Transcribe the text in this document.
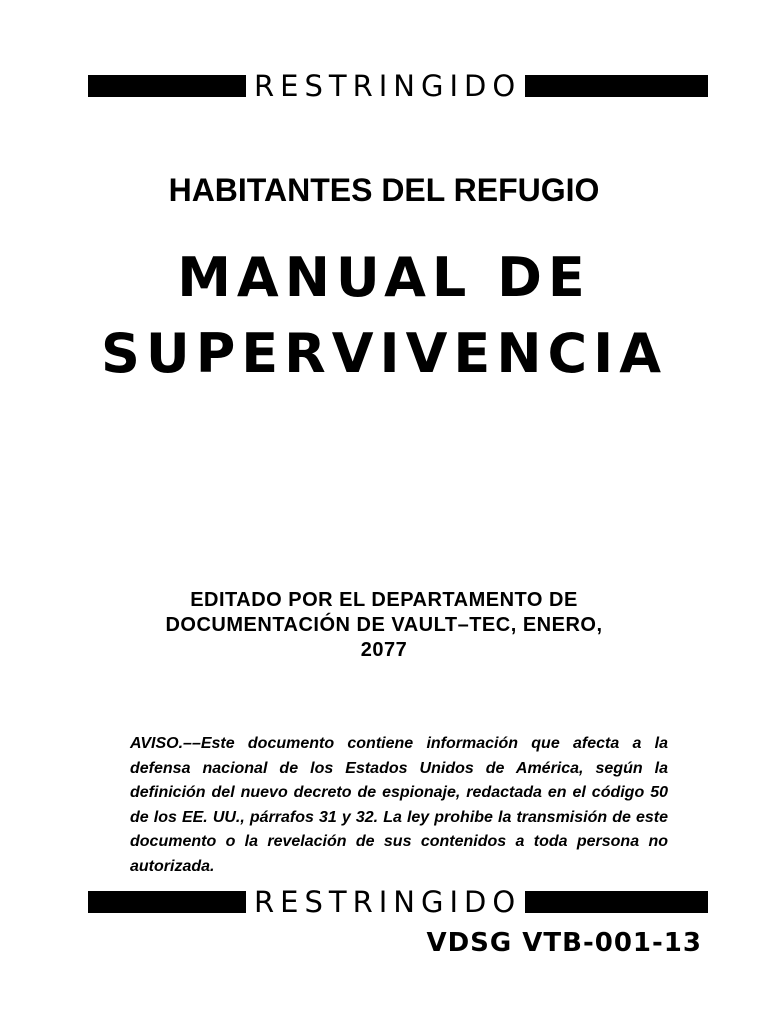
RESTRINGIDO
HABITANTES DEL REFUGIO
MANUAL DE
SUPERVIVENCIA
EDITADO POR EL DEPARTAMENTO DE
DOCUMENTACIÓN DE VAULT–TEC, ENERO,
2077
AVISO.––Este documento contiene información que afecta a la defensa nacional de los Estados Unidos de América, según la definición del nuevo decreto de espionaje, redactada en el código 50 de los EE. UU., párrafos 31 y 32. La ley prohibe la transmisión de este documento o la revelación de sus contenidos a toda persona no autorizada.
RESTRINGIDO
VDSG VTB-001-13
